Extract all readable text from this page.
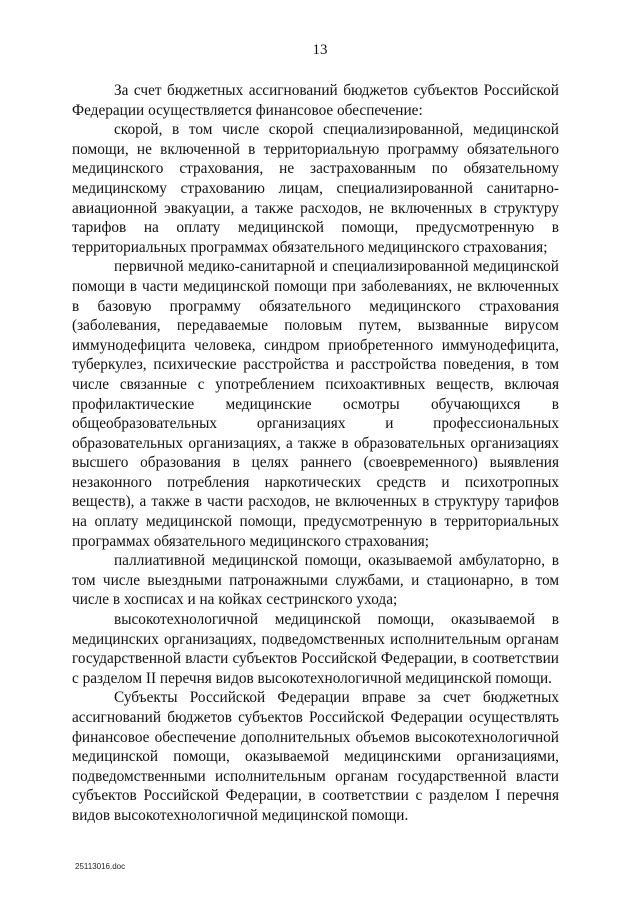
13

За счет бюджетных ассигнований бюджетов субъектов Российской Федерации осуществляется финансовое обеспечение:

скорой, в том числе скорой специализированной, медицинской помощи, не включенной в территориальную программу обязательного медицинского страхования, не застрахованным по обязательному медицинскому страхованию лицам, специализированной санитарно-авиационной эвакуации, а также расходов, не включенных в структуру тарифов на оплату медицинской помощи, предусмотренную в территориальных программах обязательного медицинского страхования;

первичной медико-санитарной и специализированной медицинской помощи в части медицинской помощи при заболеваниях, не включенных в базовую программу обязательного медицинского страхования (заболевания, передаваемые половым путем, вызванные вирусом иммунодефицита человека, синдром приобретенного иммунодефицита, туберкулез, психические расстройства и расстройства поведения, в том числе связанные с употреблением психоактивных веществ, включая профилактические медицинские осмотры обучающихся в общеобразовательных организациях и профессиональных образовательных организациях, а также в образовательных организациях высшего образования в целях раннего (своевременного) выявления незаконного потребления наркотических средств и психотропных веществ), а также в части расходов, не включенных в структуру тарифов на оплату медицинской помощи, предусмотренную в территориальных программах обязательного медицинского страхования;

паллиативной медицинской помощи, оказываемой амбулаторно, в том числе выездными патронажными службами, и стационарно, в том числе в хосписах и на койках сестринского ухода;

высокотехнологичной медицинской помощи, оказываемой в медицинских организациях, подведомственных исполнительным органам государственной власти субъектов Российской Федерации, в соответствии с разделом II перечня видов высокотехнологичной медицинской помощи.

Субъекты Российской Федерации вправе за счет бюджетных ассигнований бюджетов субъектов Российской Федерации осуществлять финансовое обеспечение дополнительных объемов высокотехнологичной медицинской помощи, оказываемой медицинскими организациями, подведомственными исполнительным органам государственной власти субъектов Российской Федерации, в соответствии с разделом I перечня видов высокотехнологичной медицинской помощи.

25113016.doc
